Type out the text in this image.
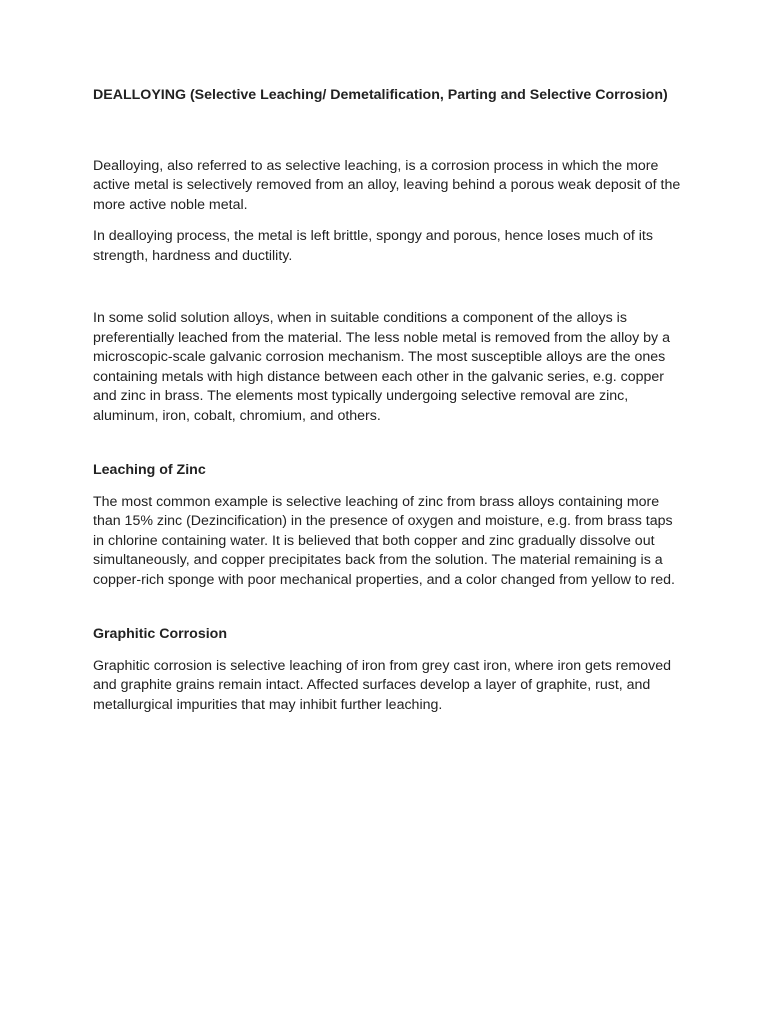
DEALLOYING (Selective Leaching/ Demetalification, Parting and Selective Corrosion)

Dealloying, also referred to as selective leaching, is a corrosion process in which the more active metal is selectively removed from an alloy, leaving behind a porous weak deposit of the more active noble metal.

In dealloying process, the metal is left brittle, spongy and porous, hence loses much of its strength, hardness and ductility.

In some solid solution alloys, when in suitable conditions a component of the alloys is preferentially leached from the material. The less noble metal is removed from the alloy by a microscopic-scale galvanic corrosion mechanism. The most susceptible alloys are the ones containing metals with high distance between each other in the galvanic series, e.g. copper and zinc in brass. The elements most typically undergoing selective removal are zinc, aluminum, iron, cobalt, chromium, and others.

Leaching of Zinc

The most common example is selective leaching of zinc from brass alloys containing more than 15% zinc (Dezincification) in the presence of oxygen and moisture, e.g. from brass taps in chlorine containing water. It is believed that both copper and zinc gradually dissolve out simultaneously, and copper precipitates back from the solution. The material remaining is a copper-rich sponge with poor mechanical properties, and a color changed from yellow to red.

Graphitic Corrosion

Graphitic corrosion is selective leaching of iron from grey cast iron, where iron gets removed and graphite grains remain intact. Affected surfaces develop a layer of graphite, rust, and metallurgical impurities that may inhibit further leaching.
